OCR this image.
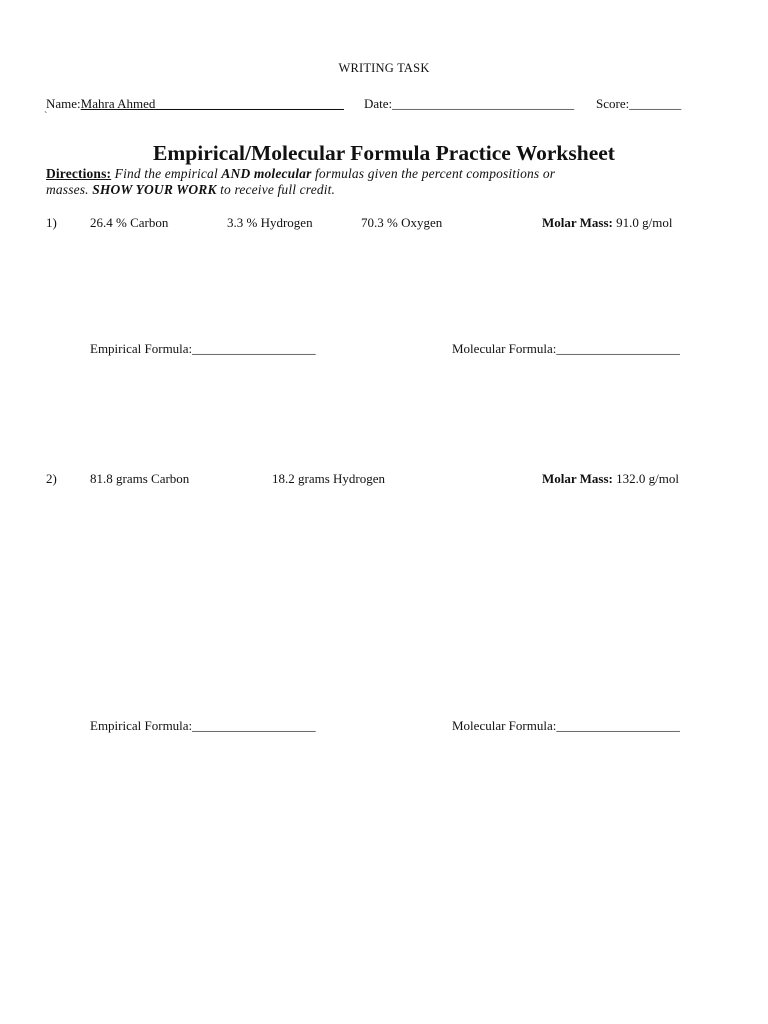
WRITING TASK
Name:Mahra Ahmed_____________________________ Date:____________________________ Score:________
`
Empirical/Molecular Formula Practice Worksheet
Directions: Find the empirical AND molecular formulas given the percent compositions or
masses. SHOW YOUR WORK to receive full credit.
1)	26.4 % Carbon	3.3 % Hydrogen	70.3 % Oxygen	Molar Mass: 91.0 g/mol
Empirical Formula:___________________	Molecular Formula:___________________
2)	81.8 grams Carbon	18.2 grams Hydrogen	Molar Mass: 132.0 g/mol
Empirical Formula:___________________	Molecular Formula:___________________
